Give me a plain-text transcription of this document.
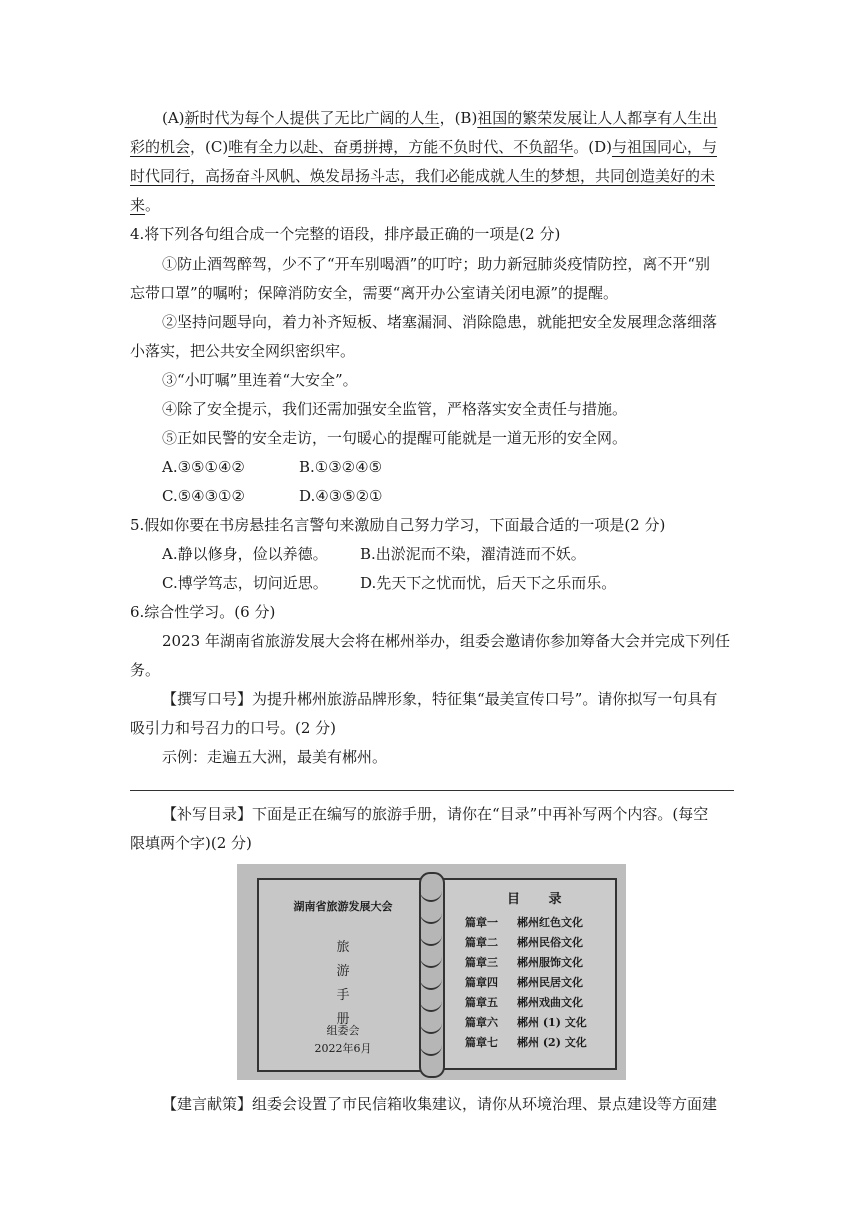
(A)新时代为每个人提供了无比广阔的人生，(B)祖国的繁荣发展让人人都享有人生出
彩的机会，(C)唯有全力以赴、奋勇拼搏，方能不负时代、不负韶华。(D)与祖国同心，与
时代同行，高扬奋斗风帆、焕发昂扬斗志，我们必能成就人生的梦想，共同创造美好的未
来。
4.将下列各句组合成一个完整的语段，排序最正确的一项是(2 分)
①防止酒驾醉驾，少不了“开车别喝酒”的叮咛；助力新冠肺炎疫情防控，离不开“别
忘带口罩”的嘱咐；保障消防安全，需要“离开办公室请关闭电源”的提醒。
②坚持问题导向，着力补齐短板、堵塞漏洞、消除隐患，就能把安全发展理念落细落
小落实，把公共安全网织密织牢。
③“小叮嘱”里连着“大安全”。
④除了安全提示，我们还需加强安全监管，严格落实安全责任与措施。
⑤正如民警的安全走访，一句暖心的提醒可能就是一道无形的安全网。
A.③⑤①④②	B.①③②④⑤
C.⑤④③①②	D.④③⑤②①
5.假如你要在书房悬挂名言警句来激励自己努力学习，下面最合适的一项是(2 分)
A.静以修身，俭以养德。 B.出淤泥而不染，濯清涟而不妖。
C.博学笃志，切问近思。 D.先天下之忧而忧，后天下之乐而乐。
6.综合性学习。(6 分)
2023 年湖南省旅游发展大会将在郴州举办，组委会邀请你参加筹备大会并完成下列任
务。
【撰写口号】为提升郴州旅游品牌形象，特征集“最美宣传口号”。请你拟写一句具有
吸引力和号召力的口号。(2 分)
示例：走遍五大洲，最美有郴州。
【补写目录】下面是正在编写的旅游手册，请你在“目录”中再补写两个内容。(每空
限填两个字)(2 分)
湖南省旅游发展大会
旅
游
手
册
组委会
2022年6月
目 录
篇章一 郴州红色文化
篇章二 郴州民俗文化
篇章三 郴州服饰文化
篇章四 郴州民居文化
篇章五 郴州戏曲文化
篇章六 郴州 (1) 文化
篇章七 郴州 (2) 文化
【建言献策】组委会设置了市民信箱收集建议，请你从环境治理、景点建设等方面建
